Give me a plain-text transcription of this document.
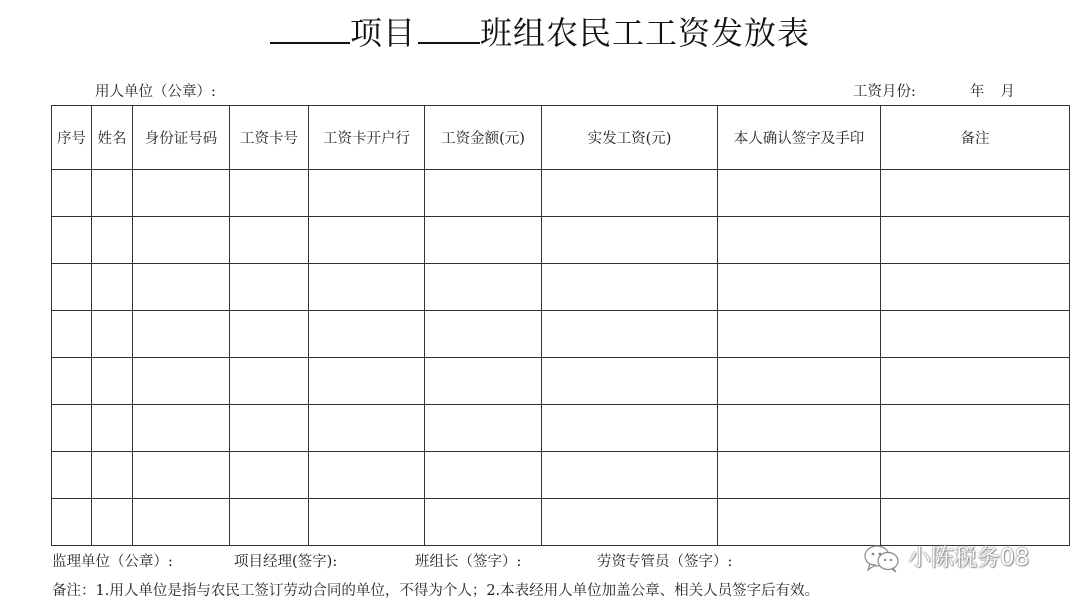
项目 班组农民工工资发放表
用人单位（公章）:	工资月份:	年 月
序号	姓名	身份证号码	工资卡号	工资卡开户行	工资金额(元)	实发工资(元)	本人确认签字及手印	备注

监理单位（公章）:	项目经理(签字):	班组长（签字）:	劳资专管员（签字）:
备注：1.用人单位是指与农民工签订劳动合同的单位，不得为个人；2.本表经用人单位加盖公章、相关人员签字后有效。
小陈税务08
